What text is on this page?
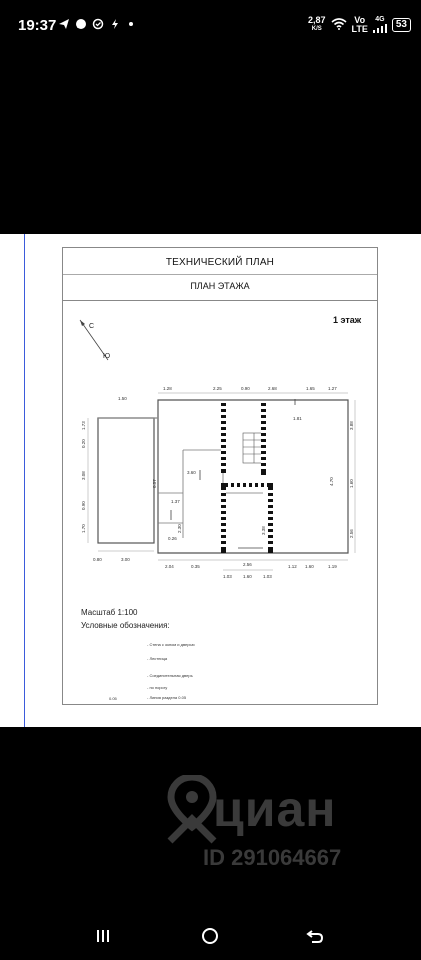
19:37	2,87
K/S
Vo
LTE
4G	53
ТЕХНИЧЕСКИЙ ПЛАН
ПЛАН ЭТАЖА
1 этаж
С
Ю
1.28	2.25	0.90	2.68	1.65	1.27
1.50
1.73
0.20
3.08
0.90
1.70
0.80	3.00
2.04	0.35	2.56	1.12 1.60	1.19
1.03 1.60 1.03
3.88
1.60
2.56
0.57
3.60
1.37
2.30
0.26
3.38
4.70
1.81
Масштаб 1:100
Условные обозначения:
- Стена с окном и дверью
- Лестница
- Соединительная дверь
- по порогу
- Линия раздела 0.05
0.05
циан
ID 291064667
